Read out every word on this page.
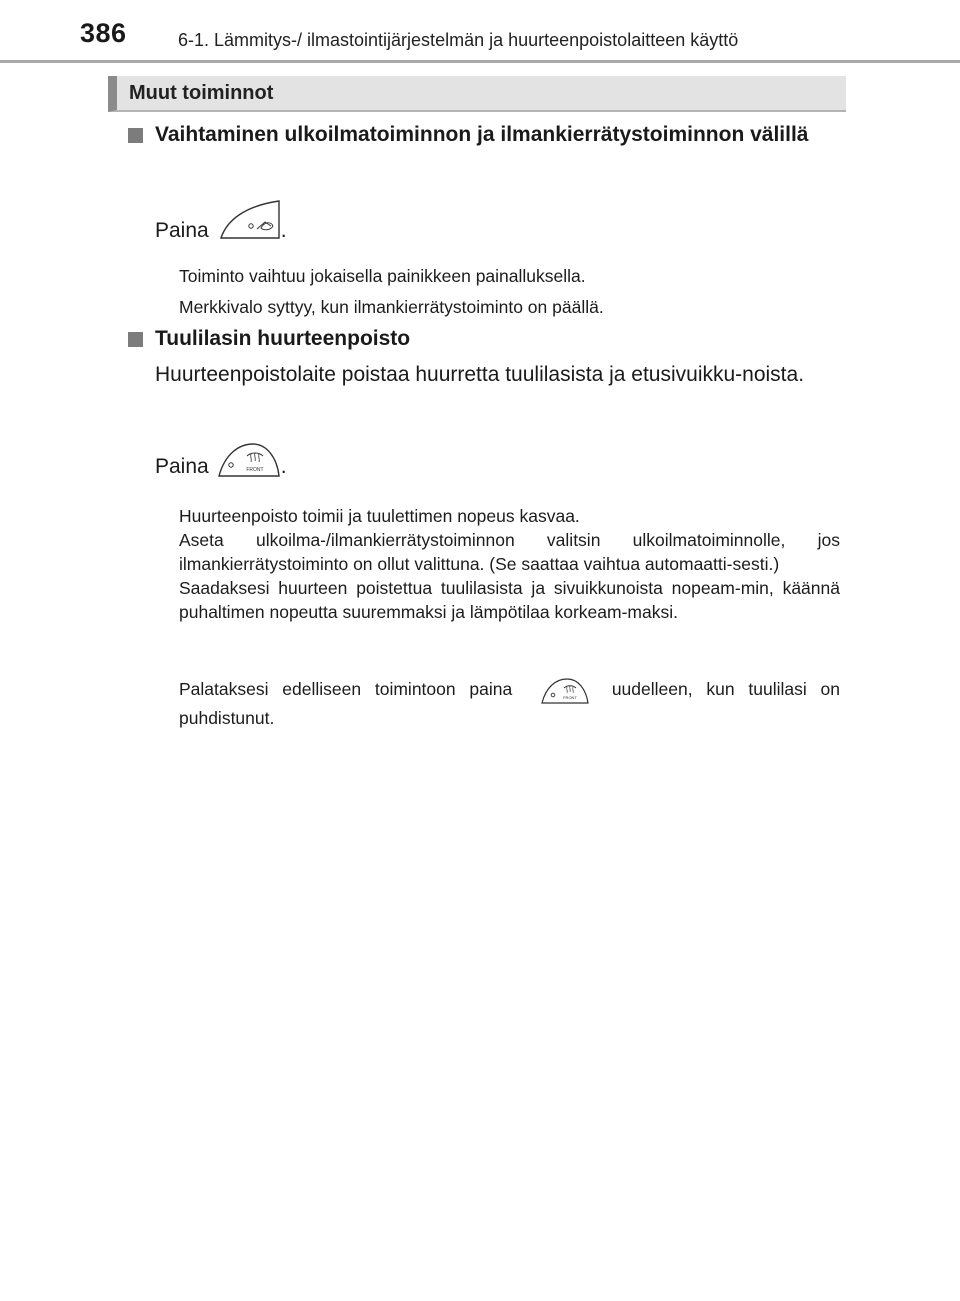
386	6-1. Lämmitys-/ ilmastointijärjestelmän ja huurteenpoistolaitteen käyttö
Muut toiminnot
Vaihtaminen ulkoilmatoiminnon ja ilmankierrätystoiminnon välillä
Paina	.

Toiminto vaihtuu jokaisella painikkeen painalluksella.

Merkkivalo syttyy, kun ilmankierrätystoiminto on päällä.

Tuulilasin huurteenpoisto
Huurteenpoistolaite poistaa huurretta tuulilasista ja etusivuikku-noista.
Paina	FRONT .

Huurteenpoisto toimii ja tuulettimen nopeus kasvaa.

Aseta ulkoilma-/ilmankierrätystoiminnon valitsin ulkoilmatoiminnolle, jos ilmankierrätystoiminto on ollut valittuna. (Se saattaa vaihtua automaatti-sesti.)

Saadaksesi huurteen poistettua tuulilasista ja sivuikkunoista nopeam-min, käännä puhaltimen nopeutta suuremmaksi ja lämpötilaa korkeam-maksi.

Palataksesi edelliseen toimintoon paina	FRONT uudelleen, kun tuulilasi on puhdistunut.
